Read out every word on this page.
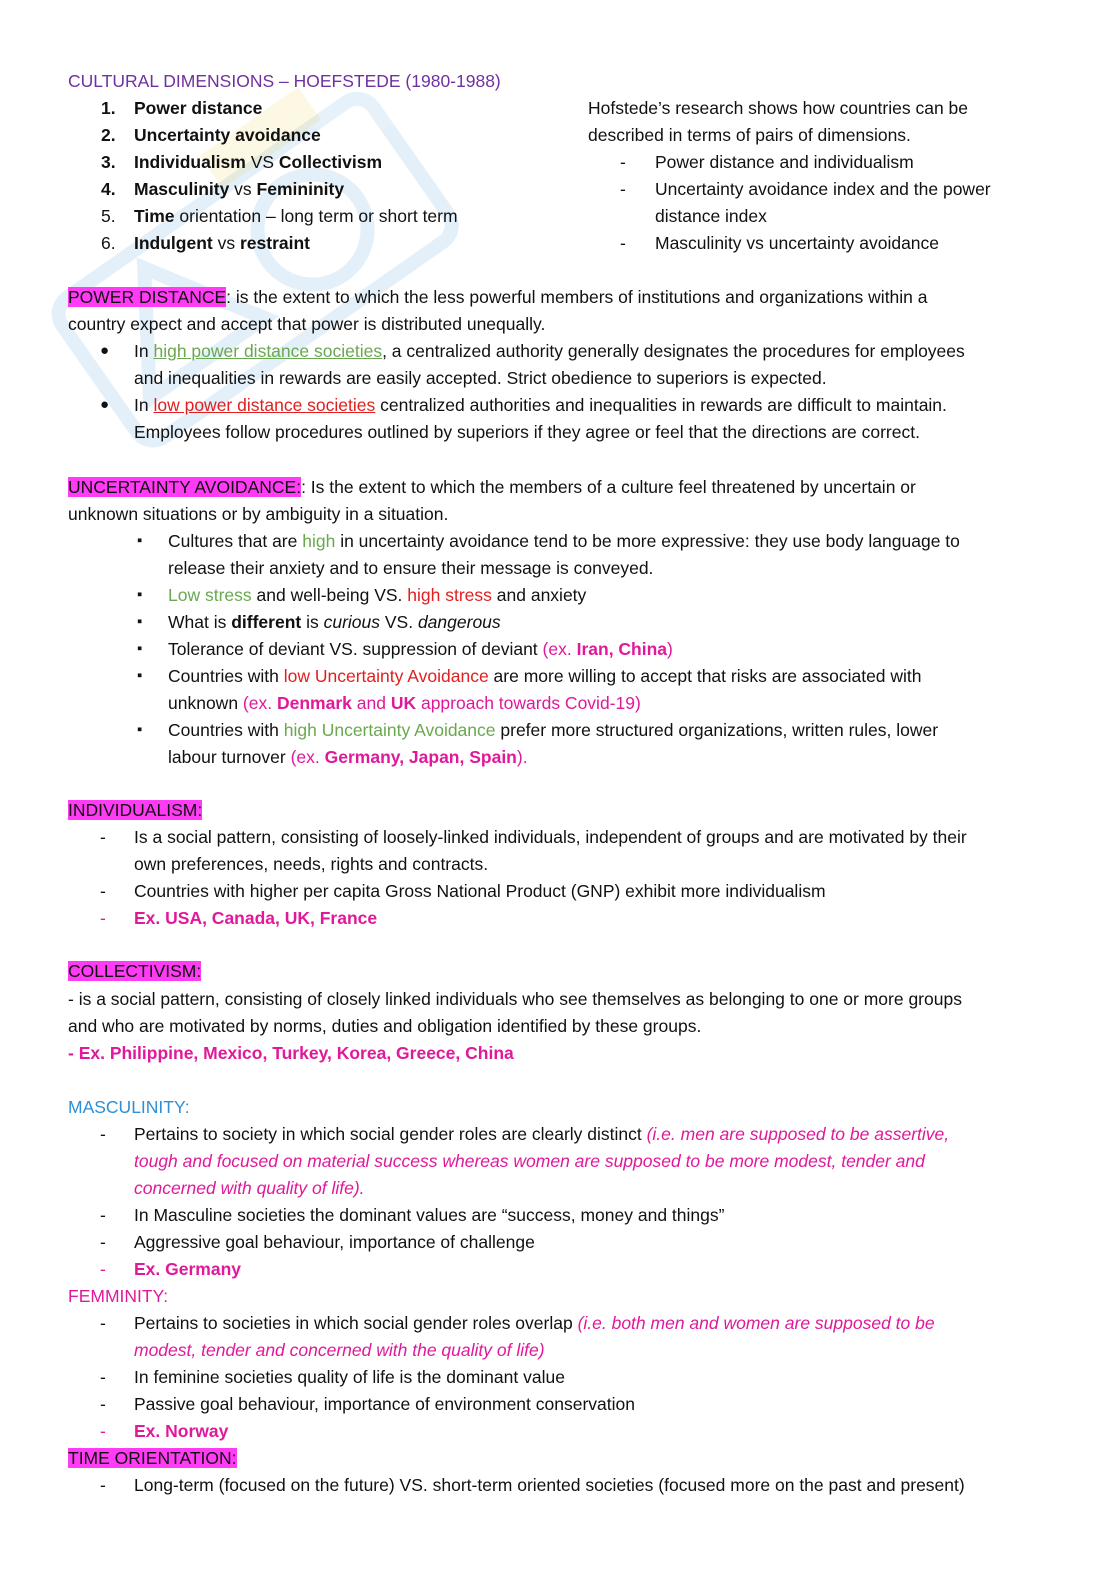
CULTURAL DIMENSIONS – HOEFSTEDE (1980-1988)
1. Power distance
2. Uncertainty avoidance
3. Individualism VS Collectivism
4. Masculinity vs Femininity
5. Time orientation – long term or short term
6. Indulgent vs restraint
Hofstede’s research shows how countries can be
described in terms of pairs of dimensions.
- Power distance and individualism
- Uncertainty avoidance index and the power
distance index
- Masculinity vs uncertainty avoidance
POWER DISTANCE: is the extent to which the less powerful members of institutions and organizations within a
country expect and accept that power is distributed unequally.
● In high power distance societies, a centralized authority generally designates the procedures for employees
and inequalities in rewards are easily accepted. Strict obedience to superiors is expected.
● In low power distance societies centralized authorities and inequalities in rewards are difficult to maintain.
Employees follow procedures outlined by superiors if they agree or feel that the directions are correct.
UNCERTAINTY AVOIDANCE:: Is the extent to which the members of a culture feel threatened by uncertain or
unknown situations or by ambiguity in a situation.
▪ Cultures that are high in uncertainty avoidance tend to be more expressive: they use body language to
release their anxiety and to ensure their message is conveyed.
▪ Low stress and well-being VS. high stress and anxiety
▪ What is different is curious VS. dangerous
▪ Tolerance of deviant VS. suppression of deviant (ex. Iran, China)
▪ Countries with low Uncertainty Avoidance are more willing to accept that risks are associated with
unknown (ex. Denmark and UK approach towards Covid-19)
▪ Countries with high Uncertainty Avoidance prefer more structured organizations, written rules, lower
labour turnover (ex. Germany, Japan, Spain).
INDIVIDUALISM:
- Is a social pattern, consisting of loosely-linked individuals, independent of groups and are motivated by their
own preferences, needs, rights and contracts.
- Countries with higher per capita Gross National Product (GNP) exhibit more individualism
- Ex. USA, Canada, UK, France
COLLECTIVISM:
- is a social pattern, consisting of closely linked individuals who see themselves as belonging to one or more groups
and who are motivated by norms, duties and obligation identified by these groups.
- Ex. Philippine, Mexico, Turkey, Korea, Greece, China
MASCULINITY:
- Pertains to society in which social gender roles are clearly distinct (i.e. men are supposed to be assertive,
tough and focused on material success whereas women are supposed to be more modest, tender and
concerned with quality of life).
- In Masculine societies the dominant values are “success, money and things”
- Aggressive goal behaviour, importance of challenge
- Ex. Germany
FEMMINITY:
- Pertains to societies in which social gender roles overlap (i.e. both men and women are supposed to be
modest, tender and concerned with the quality of life)
- In feminine societies quality of life is the dominant value
- Passive goal behaviour, importance of environment conservation
- Ex. Norway
TIME ORIENTATION:
- Long-term (focused on the future) VS. short-term oriented societies (focused more on the past and present)
